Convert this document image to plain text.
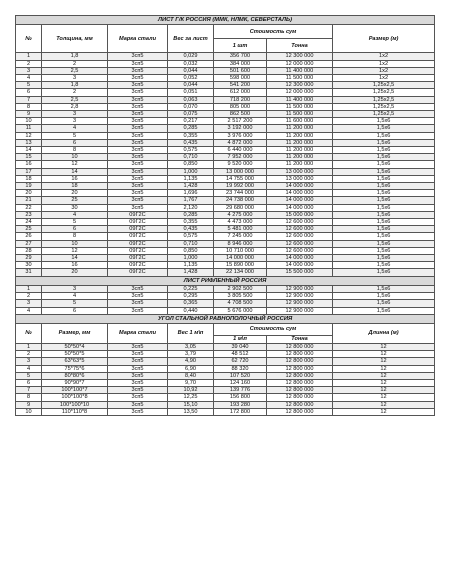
ЛИСТ Г/К РОССИЯ (ММК, НЛМК, СЕВЕРСТАЛЬ)						
№	Толщина, мм	Марка стали	Вес за лист	Стоимость сум		Размер (м)
				1 шт	Тонна	
1	1,8	3сп5	0,029	356 700	12 300 000	1х2
2	2	3сп5	0,032	384 000	12 000 000	1х2
3	2,5	3сп5	0,044	501 600	11 400 000	1х2
4	3	3сп5	0,052	598 000	11 500 000	1х2
5	1,8	3сп5	0,044	541 200	12 300 000	1,25х2,5
6	2	3сп5	0,051	612 000	12 000 000	1,25х2,5
7	2,5	3сп5	0,063	718 200	11 400 000	1,25х2,5
8	2,8	3сп5	0,070	805 000	11 500 000	1,25х2,5
9	3	3сп5	0,075	862 500	11 500 000	1,25х2,5
10	3	3сп5	0,217	2 517 200	11 600 000	1,5х6
11	4	3сп5	0,285	3 192 000	11 200 000	1,5х6
12	5	3сп5	0,355	3 976 000	11 200 000	1,5х6
13	6	3сп5	0,435	4 872 000	11 200 000	1,5х6
14	8	3сп5	0,575	6 440 000	11 200 000	1,5х6
15	10	3сп5	0,710	7 952 000	11 200 000	1,5х6
16	12	3сп5	0,850	9 520 000	11 200 000	1,5х6
17	14	3сп5	1,000	13 000 000	13 000 000	1,5х6
18	16	3сп5	1,135	14 755 000	13 000 000	1,5х6
19	18	3сп5	1,428	19 992 000	14 000 000	1,5х6
20	20	3сп5	1,696	23 744 000	14 000 000	1,5х6
21	25	3сп5	1,767	24 738 000	14 000 000	1,5х6
22	30	3сп5	2,120	29 680 000	14 000 000	1,5х6
23	4	09Г2С	0,285	4 275 000	15 000 000	1,5х6
24	5	09Г2С	0,355	4 473 000	12 600 000	1,5х6
25	6	09Г2С	0,435	5 481 000	12 600 000	1,5х6
26	8	09Г2С	0,575	7 245 000	12 600 000	1,5х6
27	10	09Г2С	0,710	8 946 000	12 600 000	1,5х6
28	12	09Г2С	0,850	10 710 000	12 600 000	1,5х6
29	14	09Г2С	1,000	14 000 000	14 000 000	1,5х6
30	16	09Г2С	1,135	15 890 000	14 000 000	1,5х6
31	20	09Г2С	1,428	22 134 000	15 500 000	1,5х6
ЛИСТ РИФЛЕННЫЙ РОССИЯ						
1	3	3сп5	0,225	2 902 500	12 900 000	1,5х6
2	4	3сп5	0,295	3 805 500	12 900 000	1,5х6
3	5	3сп5	0,365	4 708 500	12 900 000	1,5х6
4	6	3сп5	0,440	5 676 000	12 900 000	1,5х6
УГОЛ СТАЛЬНОЙ РАВНОПОЛОЧНЫЙ РОССИЯ						
№	Размер, мм	Марка стали	Вес 1 м\п	Стоимость сум		Длинна (м)
				1 м\п	Тонна	
1	50*50*4	3сп5	3,05	39 040	12 800 000	12
2	50*50*5	3сп5	3,79	48 512	12 800 000	12
3	63*63*5	3сп5	4,90	62 720	12 800 000	12
4	75*75*6	3сп5	6,90	88 320	12 800 000	12
5	80*80*6	3сп5	8,40	107 520	12 800 000	12
6	90*90*7	3сп5	9,70	124 160	12 800 000	12
7	100*100*7	3сп5	10,92	139 776	12 800 000	12
8	100*100*8	3сп5	12,25	156 800	12 800 000	12
9	100*100*10	3сп5	15,10	193 280	12 800 000	12
10	110*110*8	3сп5	13,50	172 800	12 800 000	12
